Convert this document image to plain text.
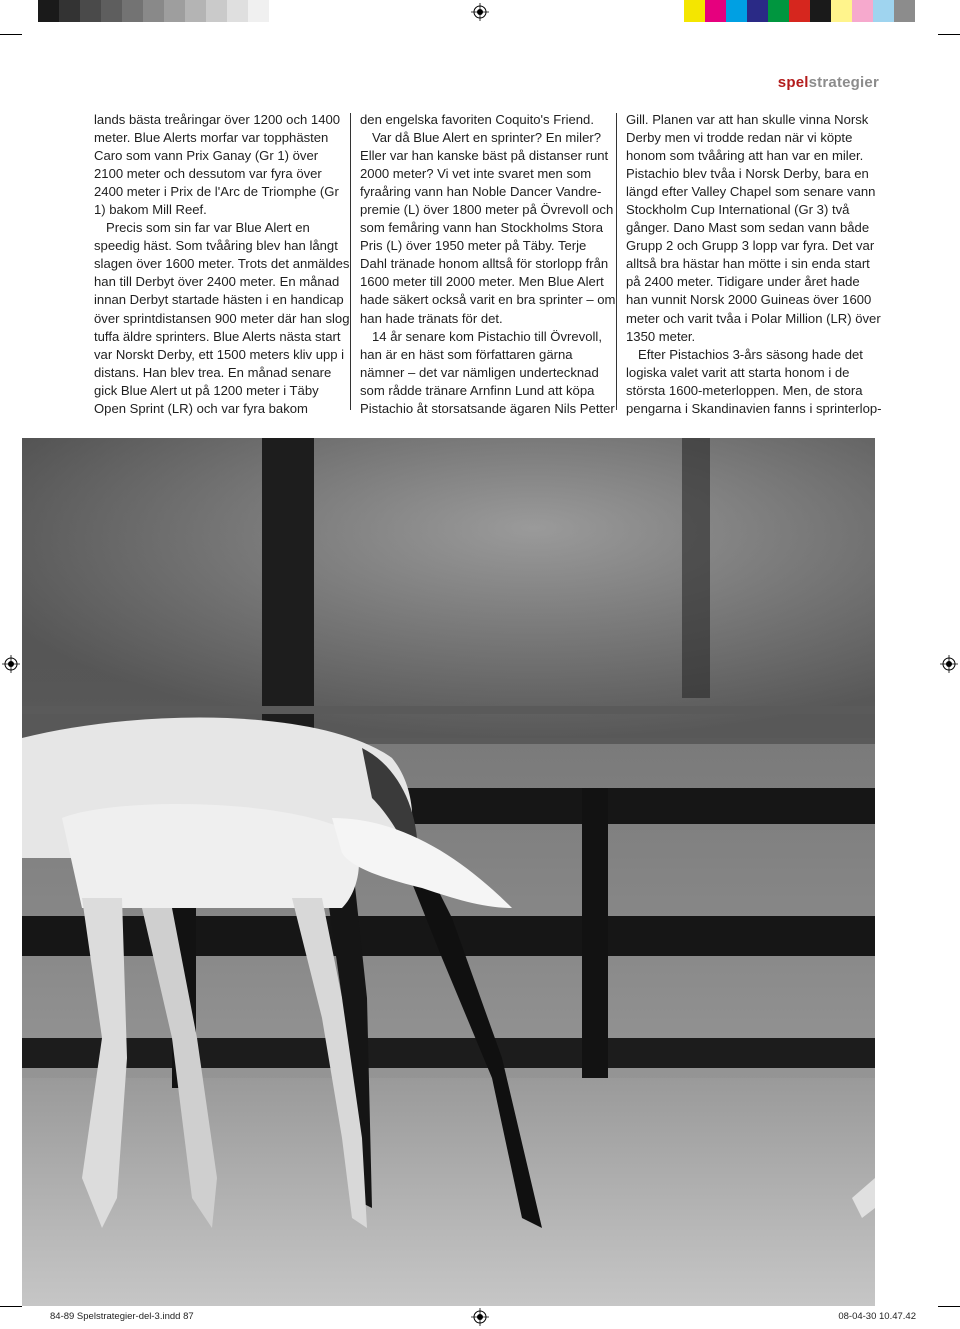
spelstrategier

lands bästa treåringar över 1200 och 1400 meter. Blue Alerts morfar var topphästen Caro som vann Prix Ganay (Gr 1) över 2100 meter och dessutom var fyra över 2400 meter i Prix de l'Arc de Triomphe (Gr 1) bakom Mill Reef.

Precis som sin far var Blue Alert en speedig häst. Som tvååring blev han långt slagen över 1600 meter. Trots det anmäldes han till Derbyt över 2400 meter. En månad innan Derbyt startade hästen i en handicap över sprintdistansen 900 meter där han slog tuffa äldre sprinters. Blue Alerts nästa start var Norskt Derby, ett 1500 meters kliv upp i distans. Han blev trea. En månad senare gick Blue Alert ut på 1200 meter i Täby Open Sprint (LR) och var fyra bakom

den engelska favoriten Coquito's Friend.

Var då Blue Alert en sprinter? En miler? Eller var han kanske bäst på distanser runt 2000 meter? Vi vet inte svaret men som fyraåring vann han Noble Dancer Vandrepremie (L) över 1800 meter på Övrevoll och som femåring vann han Stockholms Stora Pris (L) över 1950 meter på Täby. Terje Dahl tränade honom alltså för storlopp från 1600 meter till 2000 meter. Men Blue Alert hade säkert också varit en bra sprinter – om han hade tränats för det.

14 år senare kom Pistachio till Övrevoll, han är en häst som författaren gärna nämner – det var nämligen undertecknad som rådde tränare Arnfinn Lund att köpa Pistachio åt storsatsande ägaren Nils Petter

Gill. Planen var att han skulle vinna Norsk Derby men vi trodde redan när vi köpte honom som tvååring att han var en miler. Pistachio blev tvåa i Norsk Derby, bara en längd efter Valley Chapel som senare vann Stockholm Cup International (Gr 3) två gånger. Dano Mast som sedan vann både Grupp 2 och Grupp 3 lopp var fyra. Det var alltså bra hästar han mötte i sin enda start på 2400 meter. Tidigare under året hade han vunnit Norsk 2000 Guineas över 1600 meter och varit tvåa i Polar Million (LR) över 1350 meter.

Efter Pistachios 3-års säsong hade det logiska valet varit att starta honom i de största 1600-meterloppen. Men, de stora pengarna i Skandinavien fanns i sprinterlop-

84-89 Spelstrategier-del-3.indd 87	08-04-30 10.47.42
